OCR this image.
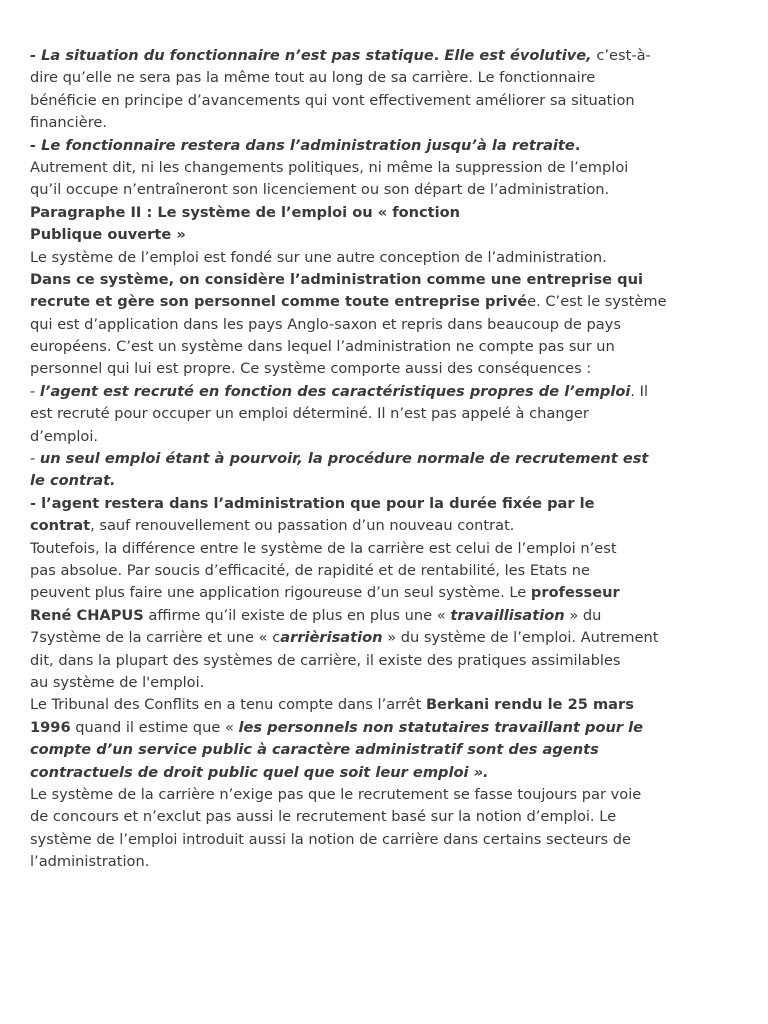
- La situation du fonctionnaire n’est pas statique. Elle est évolutive, c’est-à-
dire qu’elle ne sera pas la même tout au long de sa carrière. Le fonctionnaire
bénéficie en principe d’avancements qui vont effectivement améliorer sa situation
financière.
- Le fonctionnaire restera dans l’administration jusqu’à la retraite.
Autrement dit, ni les changements politiques, ni même la suppression de l’emploi
qu’il occupe n’entraîneront son licenciement ou son départ de l’administration.
Paragraphe II : Le système de l’emploi ou « fonction
Publique ouverte »
Le système de l’emploi est fondé sur une autre conception de l’administration.
Dans ce système, on considère l’administration comme une entreprise qui
recrute et gère son personnel comme toute entreprise privée. C’est le système
qui est d’application dans les pays Anglo-saxon et repris dans beaucoup de pays
européens. C’est un système dans lequel l’administration ne compte pas sur un
personnel qui lui est propre. Ce système comporte aussi des conséquences :
- l’agent est recruté en fonction des caractéristiques propres de l’emploi. Il
est recruté pour occuper un emploi déterminé. Il n’est pas appelé à changer
d’emploi.
- un seul emploi étant à pourvoir, la procédure normale de recrutement est
le contrat.
- l’agent restera dans l’administration que pour la durée fixée par le
contrat, sauf renouvellement ou passation d’un nouveau contrat.
Toutefois, la différence entre le système de la carrière est celui de l’emploi n’est
pas absolue. Par soucis d’efficacité, de rapidité et de rentabilité, les Etats ne
peuvent plus faire une application rigoureuse d’un seul système. Le professeur
René CHAPUS affirme qu’il existe de plus en plus une « travaillisation » du
7système de la carrière et une « carrièrisation » du système de l’emploi. Autrement
dit, dans la plupart des systèmes de carrière, il existe des pratiques assimilables
au système de l'emploi.
Le Tribunal des Conflits en a tenu compte dans l’arrêt Berkani rendu le 25 mars
1996 quand il estime que « les personnels non statutaires travaillant pour le
compte d’un service public à caractère administratif sont des agents
contractuels de droit public quel que soit leur emploi ».
Le système de la carrière n’exige pas que le recrutement se fasse toujours par voie
de concours et n’exclut pas aussi le recrutement basé sur la notion d’emploi. Le
système de l’emploi introduit aussi la notion de carrière dans certains secteurs de
l’administration.
